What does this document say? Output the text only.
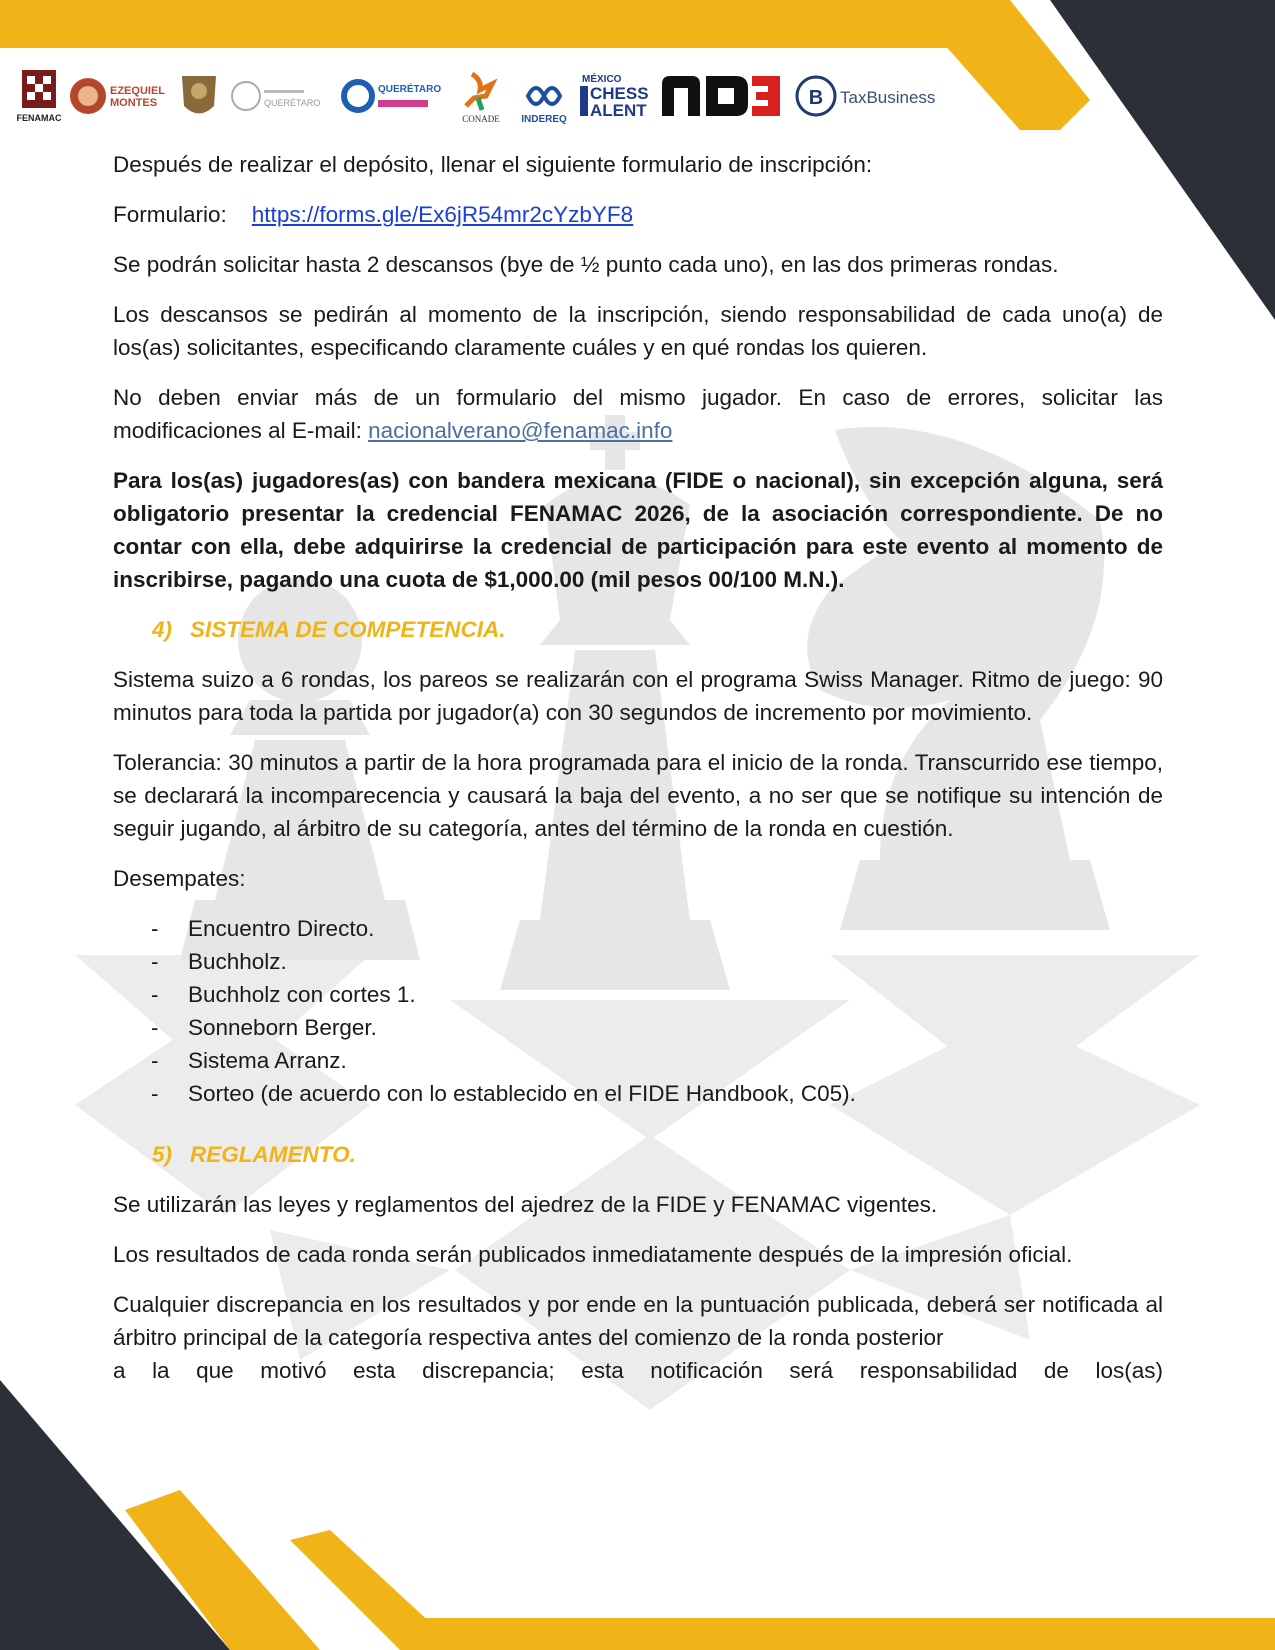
FENAMAC
EZEQUIEL
MONTES	QUERÉTARO
QUERÉTARO
CONADE INDEREQ
MÉXICO
CHESS
ALENT
B TaxBusiness

Después de realizar el depósito, llenar el siguiente formulario de inscripción:

Formulario: https://forms.gle/Ex6jR54mr2cYzbYF8

Se podrán solicitar hasta 2 descansos (bye de ½ punto cada uno), en las dos primeras rondas.

Los descansos se pedirán al momento de la inscripción, siendo responsabilidad de cada uno(a) de los(as) solicitantes, especificando claramente cuáles y en qué rondas los quieren.

No deben enviar más de un formulario del mismo jugador. En caso de errores, solicitar las modificaciones al E-mail: nacionalverano@fenamac.info

Para los(as) jugadores(as) con bandera mexicana (FIDE o nacional), sin excepción alguna, será obligatorio presentar la credencial FENAMAC 2026, de la asociación correspondiente. De no contar con ella, debe adquirirse la credencial de participación para este evento al momento de inscribirse, pagando una cuota de $1,000.00 (mil pesos 00/100 M.N.).

4) SISTEMA DE COMPETENCIA.

Sistema suizo a 6 rondas, los pareos se realizarán con el programa Swiss Manager. Ritmo de juego: 90 minutos para toda la partida por jugador(a) con 30 segundos de incremento por movimiento.

Tolerancia: 30 minutos a partir de la hora programada para el inicio de la ronda. Transcurrido ese tiempo, se declarará la incomparecencia y causará la baja del evento, a no ser que se notifique su intención de seguir jugando, al árbitro de su categoría, antes del término de la ronda en cuestión.

Desempates:

- Encuentro Directo.
- Buchholz.
- Buchholz con cortes 1.
- Sonneborn Berger.
- Sistema Arranz.
- Sorteo (de acuerdo con lo establecido en el FIDE Handbook, C05).
5) REGLAMENTO.

Se utilizarán las leyes y reglamentos del ajedrez de la FIDE y FENAMAC vigentes.

Los resultados de cada ronda serán publicados inmediatamente después de la impresión oficial.

Cualquier discrepancia en los resultados y por ende en la puntuación publicada, deberá ser notificada al árbitro principal de la categoría respectiva antes del comienzo de la ronda posterior

a la que motivó esta discrepancia; esta notificación será responsabilidad de los(as)
